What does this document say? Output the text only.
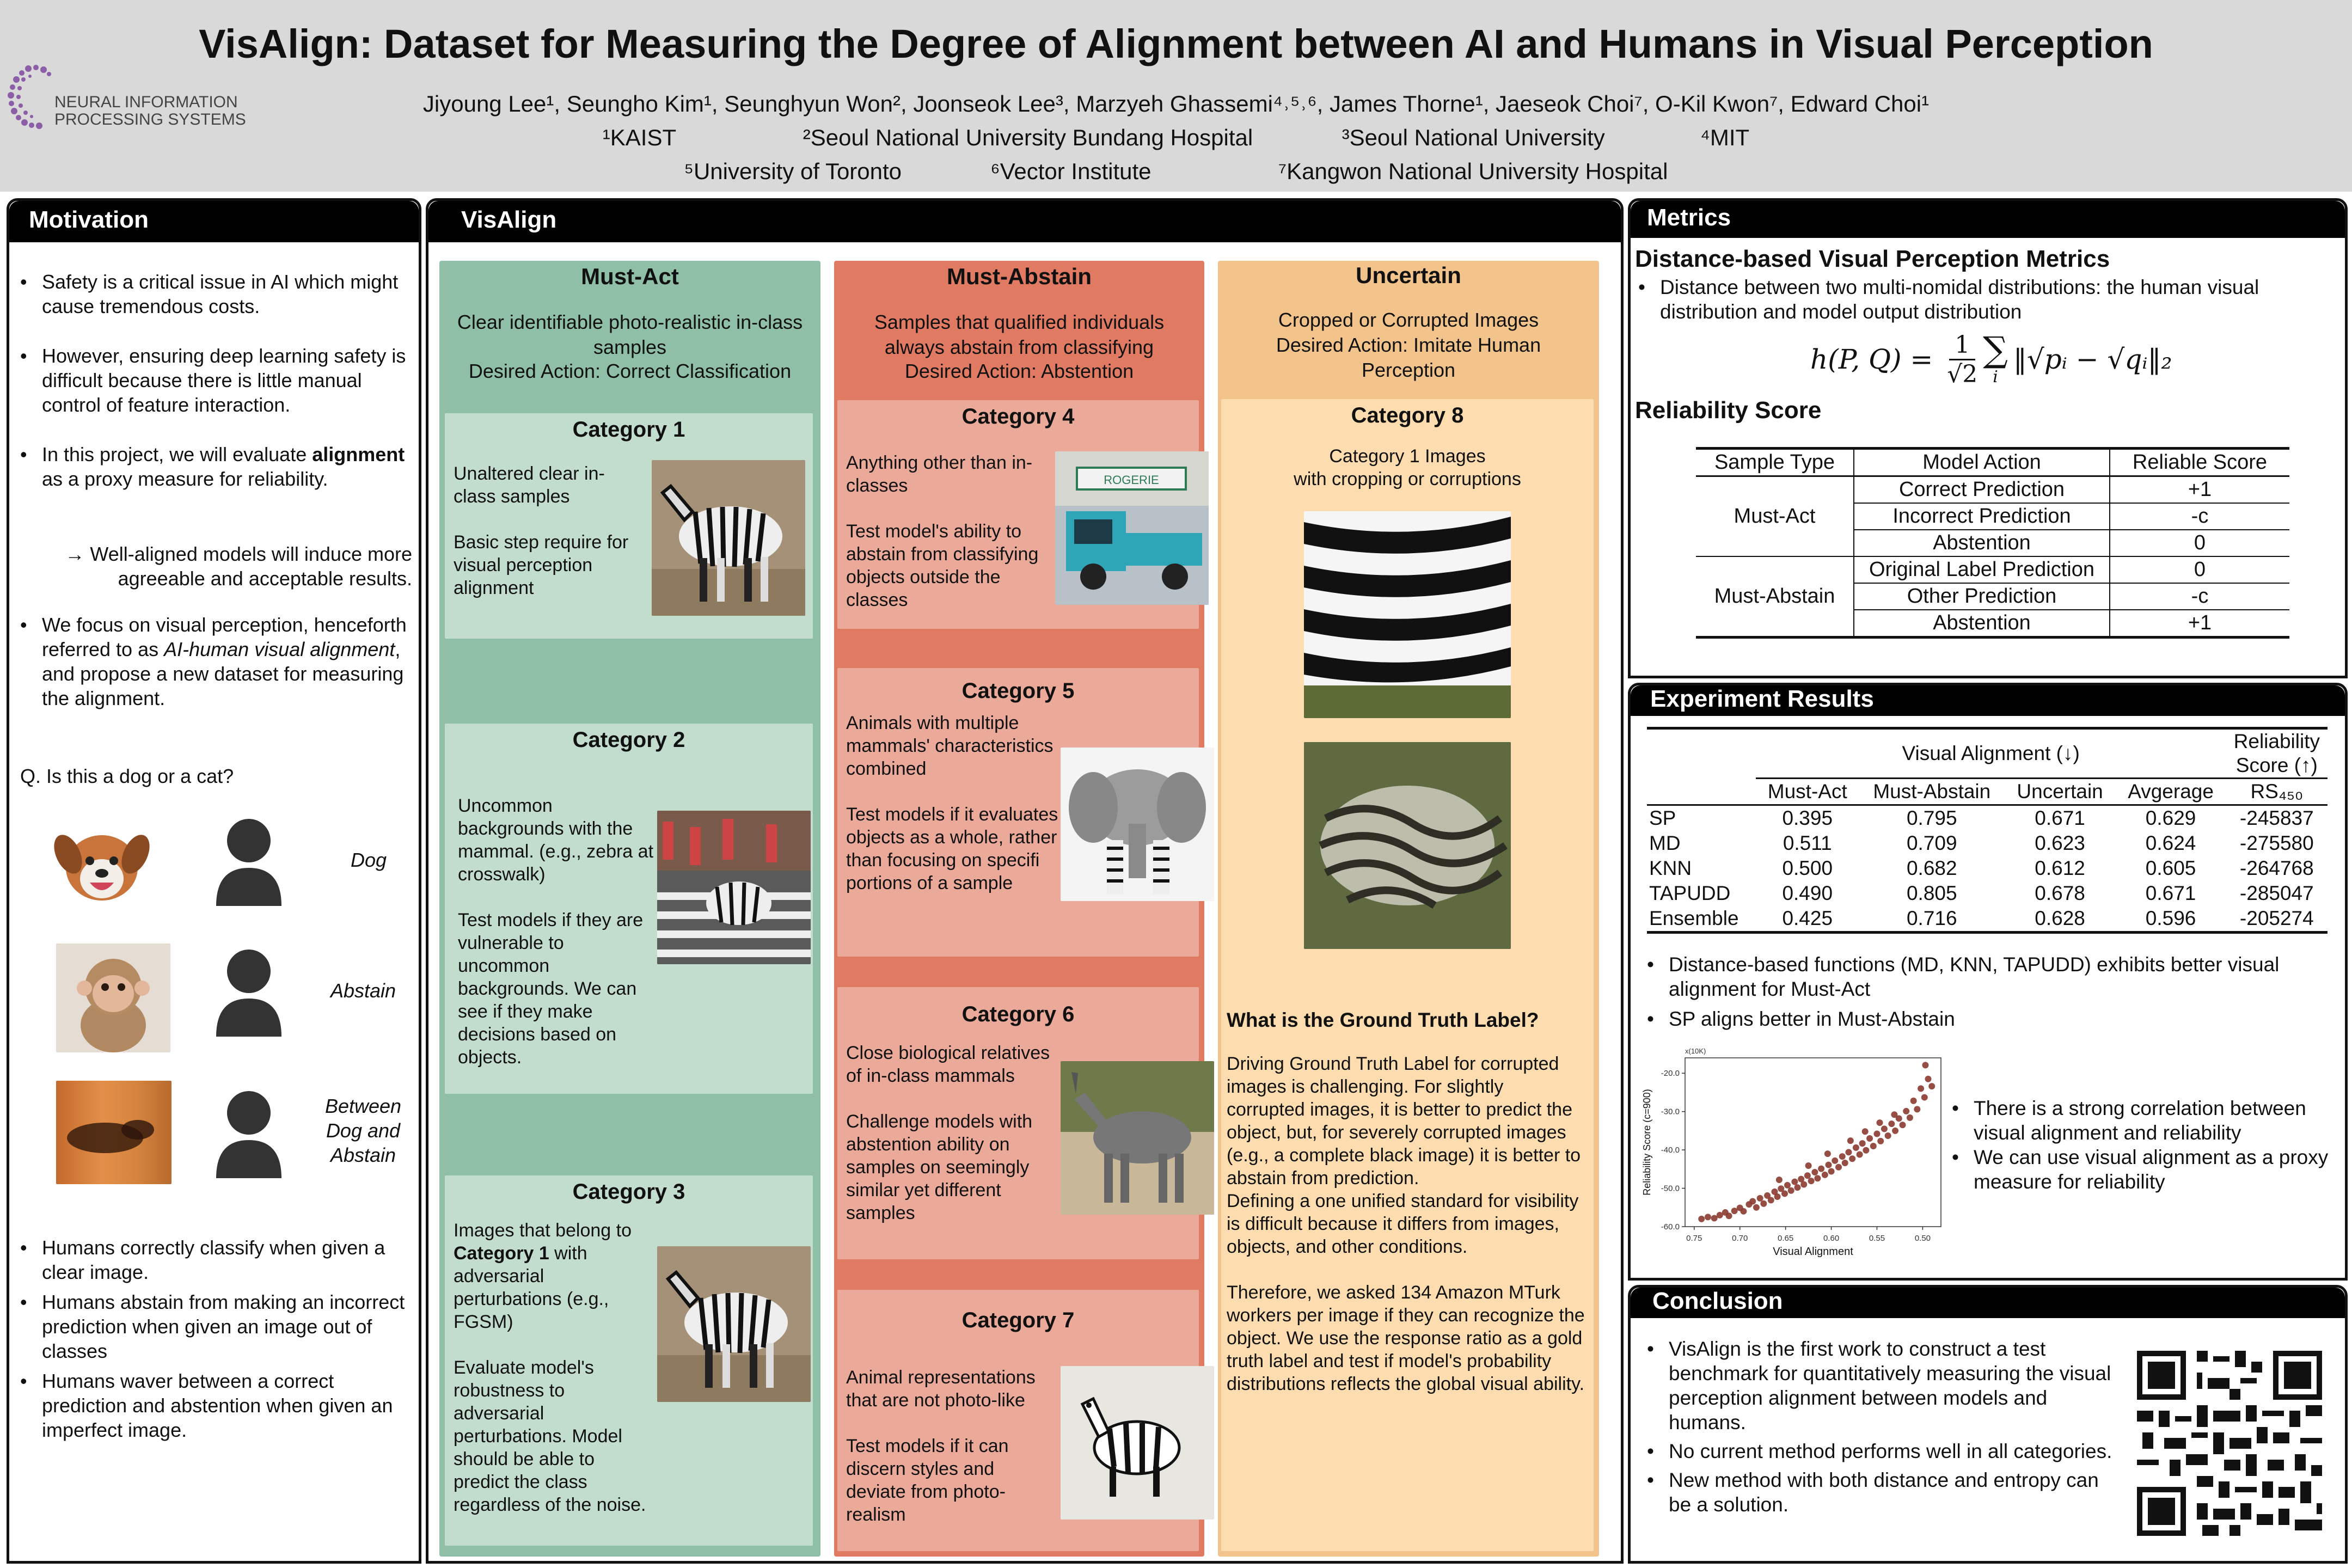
NEURAL INFORMATION PROCESSING SYSTEMS
VisAlign: Dataset for Measuring the Degree of Alignment between AI and Humans in Visual Perception
Jiyoung Lee¹, Seungho Kim¹, Seunghyun Won², Joonseok Lee³, Marzyeh Ghassemi⁴˒⁵˒⁶, James Thorne¹, Jaeseok Choi⁷, O-Kil Kwon⁷, Edward Choi¹
¹KAIST                    ²Seoul National University Bundang Hospital              ³Seoul National University               ⁴MIT
⁵University of Toronto              ⁶Vector Institute                    ⁷Kangwon National University Hospital
Motivation
• Safety is a critical issue in AI which might cause tremendous costs.
• However, ensuring deep learning safety is difficult because there is little manual control of feature interaction.
• In this project, we will evaluate alignment as a proxy measure for reliability.
→ Well-aligned models will induce more agreeable and acceptable results.
• We focus on visual perception, henceforth referred to as AI-human visual alignment, and propose a new dataset for measuring the alignment.
Q. Is this a dog or a cat?
Dog
Abstain
Between Dog and Abstain
• Humans correctly classify when given a clear image.
• Humans abstain from making an incorrect prediction when given an image out of classes
• Humans waver between a correct prediction and abstention when given an imperfect image.
VisAlign
Must-Act
Clear identifiable photo-realistic in-class samples
Desired Action: Correct Classification
Category 1
Unaltered clear in-class samples

Basic step require for visual perception alignment
Category 2
Uncommon backgrounds with the mammal. (e.g., zebra at crosswalk)

Test models if they are vulnerable to uncommon backgrounds. We can see if they make decisions based on objects.
Category 3
Images that belong to Category 1 with adversarial perturbations (e.g., FGSM)

Evaluate model's robustness to adversarial perturbations. Model should be able to predict the class regardless of the noise.
Must-Abstain
Samples that qualified individuals always abstain from classifying
Desired Action: Abstention
Category 4
Anything other than in-classes

Test model's ability to abstain from classifying objects outside the classes
ROGERIE
Category 5
Animals with multiple mammals' characteristics combined

Test models if it evaluates objects as a whole, rather than focusing on specifi portions of a sample
Category 6
Close biological relatives of in-class mammals

Challenge models with abstention ability on samples on seemingly similar yet different samples
Category 7
Animal representations that are not photo-like

Test models if it can discern styles and deviate from photo-realism
Uncertain
Cropped or Corrupted Images
Desired Action: Imitate Human Perception
Category 8
Category 1 Images
with cropping or corruptions
What is the Ground Truth Label?
Driving Ground Truth Label for corrupted images is challenging. For slightly corrupted images, it is better to predict the object, but, for severely corrupted images (e.g., a complete black image) it is better to abstain from prediction.
Defining a one unified standard for visibility is difficult because it differs from images, objects, and other conditions.
Therefore, we asked 134 Amazon MTurk workers per image if they can recognize the object. We use the response ratio as a gold truth label and test if model's probability distributions reflects the global visual ability.
Metrics
Distance-based Visual Perception Metrics
• Distance between two multi-nomidal distributions: the human visual distribution and model output distribution
h(P, $Q) = \frac{1}{√2}$ ∑
i
‖√pᵢ − √qᵢ‖₂
Reliability Score
Sample Type	Model Action	Reliable Score
Must-Act	Correct Prediction	+1
	Incorrect Prediction	-c
	Abstention	0
Must-Abstain	Original Label Prediction	0
	Other Prediction	-c
	Abstention	+1
Experiment Results
	Visual Alignment (↓)				Reliability Score (↑)
	Must-Act	Must-Abstain	Uncertain	Avgerage	RS₄₅₀
SP	0.395	0.795	0.671	0.629	-245837
MD	0.511	0.709	0.623	0.624	-275580
KNN	0.500	0.682	0.612	0.605	-264768
TAPUDD	0.490	0.805	0.678	0.671	-285047
Ensemble	0.425	0.716	0.628	0.596	-205274
• Distance-based functions (MD, KNN, TAPUDD) exhibits better visual alignment for Must-Act
• SP aligns better in Must-Abstain
0.75	0.70	0.65	0.60	0.55	0.50
-20.0
-30.0
-40.0
-50.0
-60.0
x(10K)
Visual Alignment
Reliability Score (c=900)	• There is a strong correlation between visual alignment and reliability
• We can use visual alignment as a proxy measure for reliability
Conclusion
• VisAlign is the first work to construct a test benchmark for quantitatively measuring the visual perception alignment between models and humans.
• No current method performs well in all categories.
• New method with both distance and entropy can be a solution.
